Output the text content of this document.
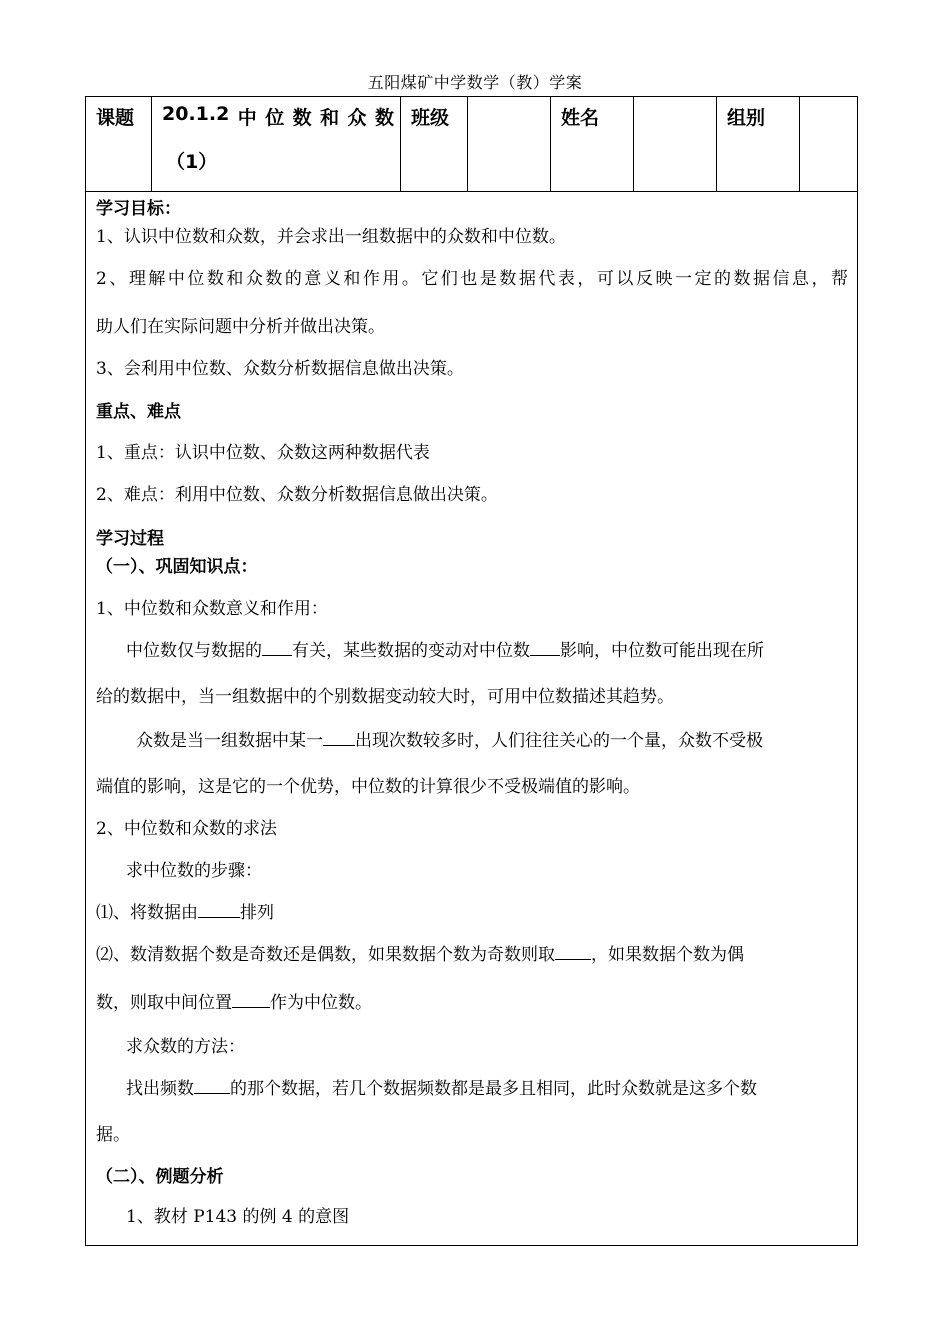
五阳煤矿中学数学（教）学案
课题 20.1.2 中 位 数 和 众 数
（1）
班级	姓名	组别
学习目标：
1、认识中位数和众数，并会求出一组数据中的众数和中位数。
2、理解中位数和众数的意义和作用。它们也是数据代表，可以反映一定的数据信息，帮
助人们在实际问题中分析并做出决策。
3、会利用中位数、众数分析数据信息做出决策。
重点、难点
1、重点：认识中位数、众数这两种数据代表
2、难点：利用中位数、众数分析数据信息做出决策。
学习过程
（一）、巩固知识点：
1、中位数和众数意义和作用：
中位数仅与数据的 有关，某些数据的变动对中位数 影响，中位数可能出现在所
给的数据中，当一组数据中的个别数据变动较大时，可用中位数描述其趋势。
众数是当一组数据中某一 出现次数较多时，人们往往关心的一个量，众数不受极
端值的影响，这是它的一个优势，中位数的计算很少不受极端值的影响。
2、中位数和众数的求法
求中位数的步骤：
⑴、将数据由 排列
⑵、数清数据个数是奇数还是偶数，如果数据个数为奇数则取 ，如果数据个数为偶
数，则取中间位置 作为中位数。
求众数的方法：
找出频数 的那个数据，若几个数据频数都是最多且相同，此时众数就是这多个数
据。
（二）、例题分析
1、教材 P143 的例 4 的意图
